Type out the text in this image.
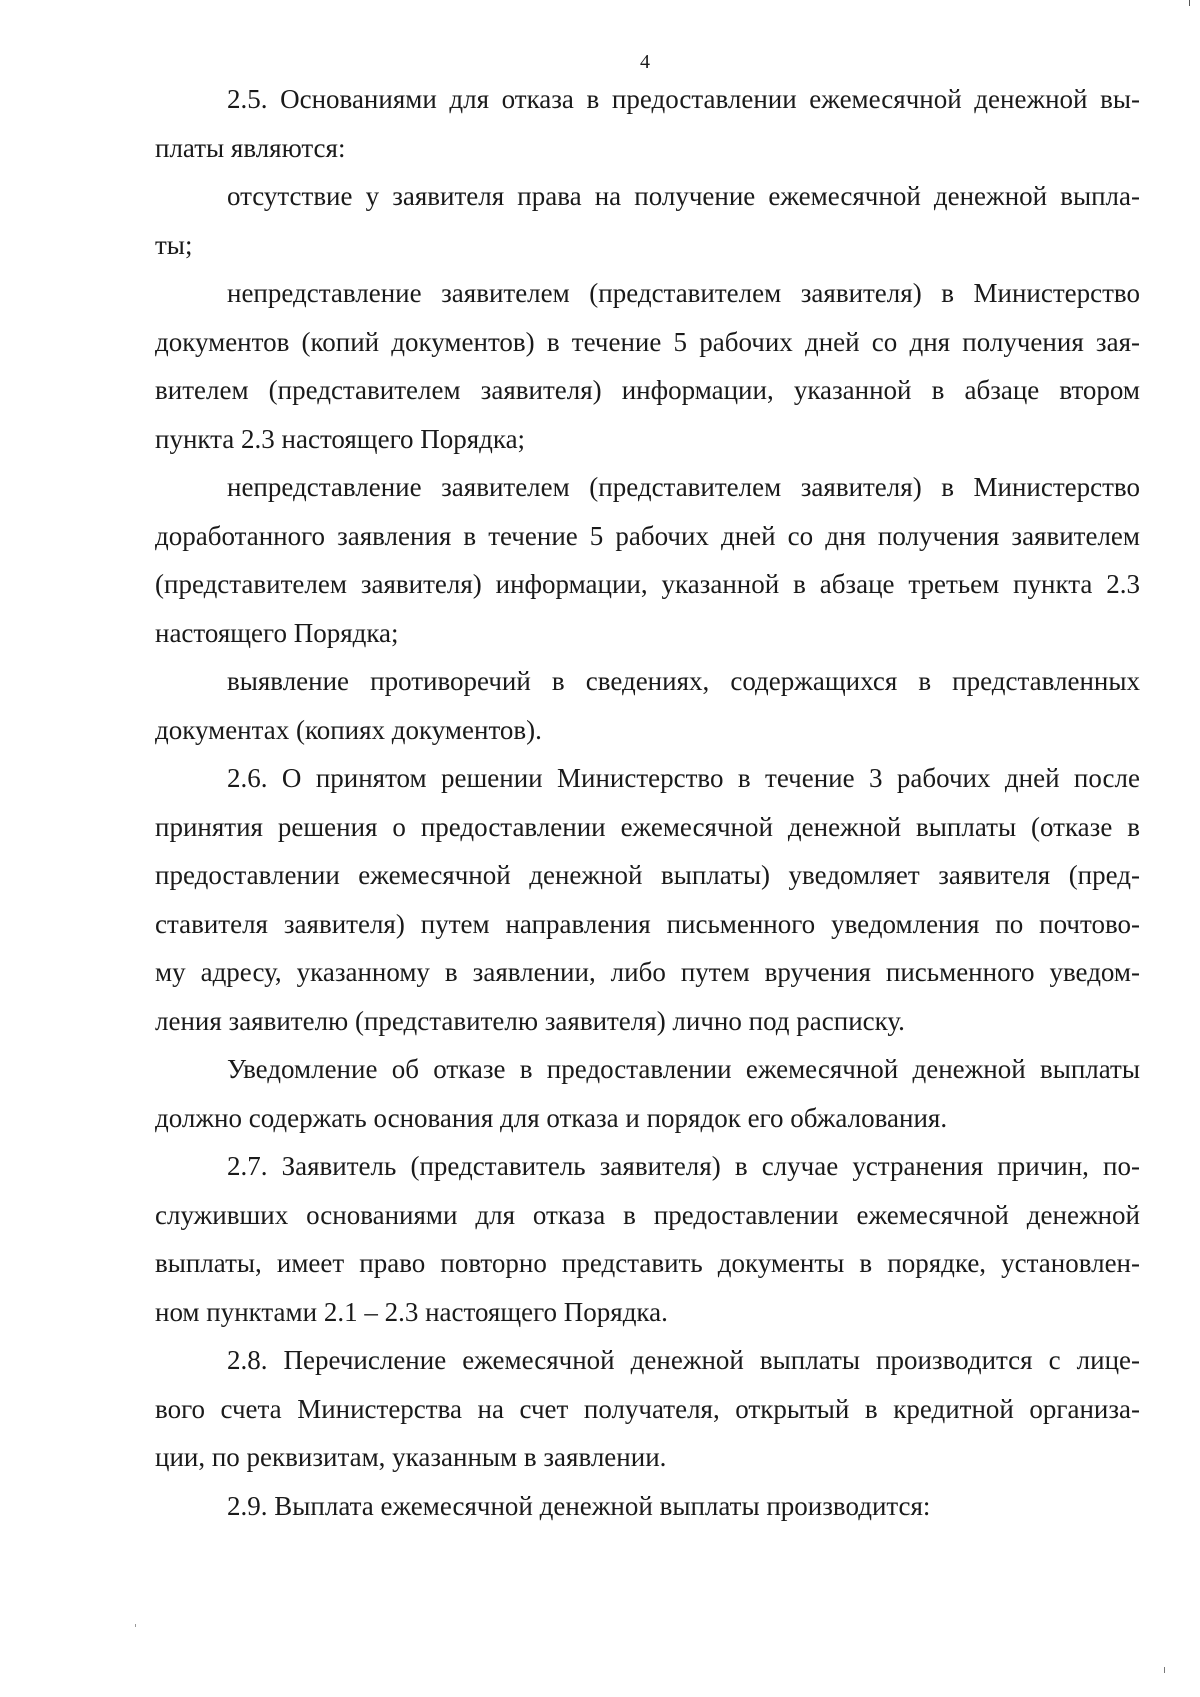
4
2.5. Основаниями для отказа в предоставлении ежемесячной денежной вы-
платы являются:
отсутствие у заявителя права на получение ежемесячной денежной выпла-
ты;
непредставление заявителем (представителем заявителя) в Министерство
документов (копий документов) в течение 5 рабочих дней со дня получения зая-
вителем (представителем заявителя) информации, указанной в абзаце втором
пункта 2.3 настоящего Порядка;
непредставление заявителем (представителем заявителя) в Министерство
доработанного заявления в течение 5 рабочих дней со дня получения заявителем
(представителем заявителя) информации, указанной в абзаце третьем пункта 2.3
настоящего Порядка;
выявление противоречий в сведениях, содержащихся в представленных
документах (копиях документов).
2.6. О принятом решении Министерство в течение 3 рабочих дней после
принятия решения о предоставлении ежемесячной денежной выплаты (отказе в
предоставлении ежемесячной денежной выплаты) уведомляет заявителя (пред-
ставителя заявителя) путем направления письменного уведомления по почтово-
му адресу, указанному в заявлении, либо путем вручения письменного уведом-
ления заявителю (представителю заявителя) лично под расписку.
Уведомление об отказе в предоставлении ежемесячной денежной выплаты
должно содержать основания для отказа и порядок его обжалования.
2.7. Заявитель (представитель заявителя) в случае устранения причин, по-
служивших основаниями для отказа в предоставлении ежемесячной денежной
выплаты, имеет право повторно представить документы в порядке, установлен-
ном пунктами 2.1 – 2.3 настоящего Порядка.
2.8. Перечисление ежемесячной денежной выплаты производится с лице-
вого счета Министерства на счет получателя, открытый в кредитной организа-
ции, по реквизитам, указанным в заявлении.
2.9. Выплата ежемесячной денежной выплаты производится:
